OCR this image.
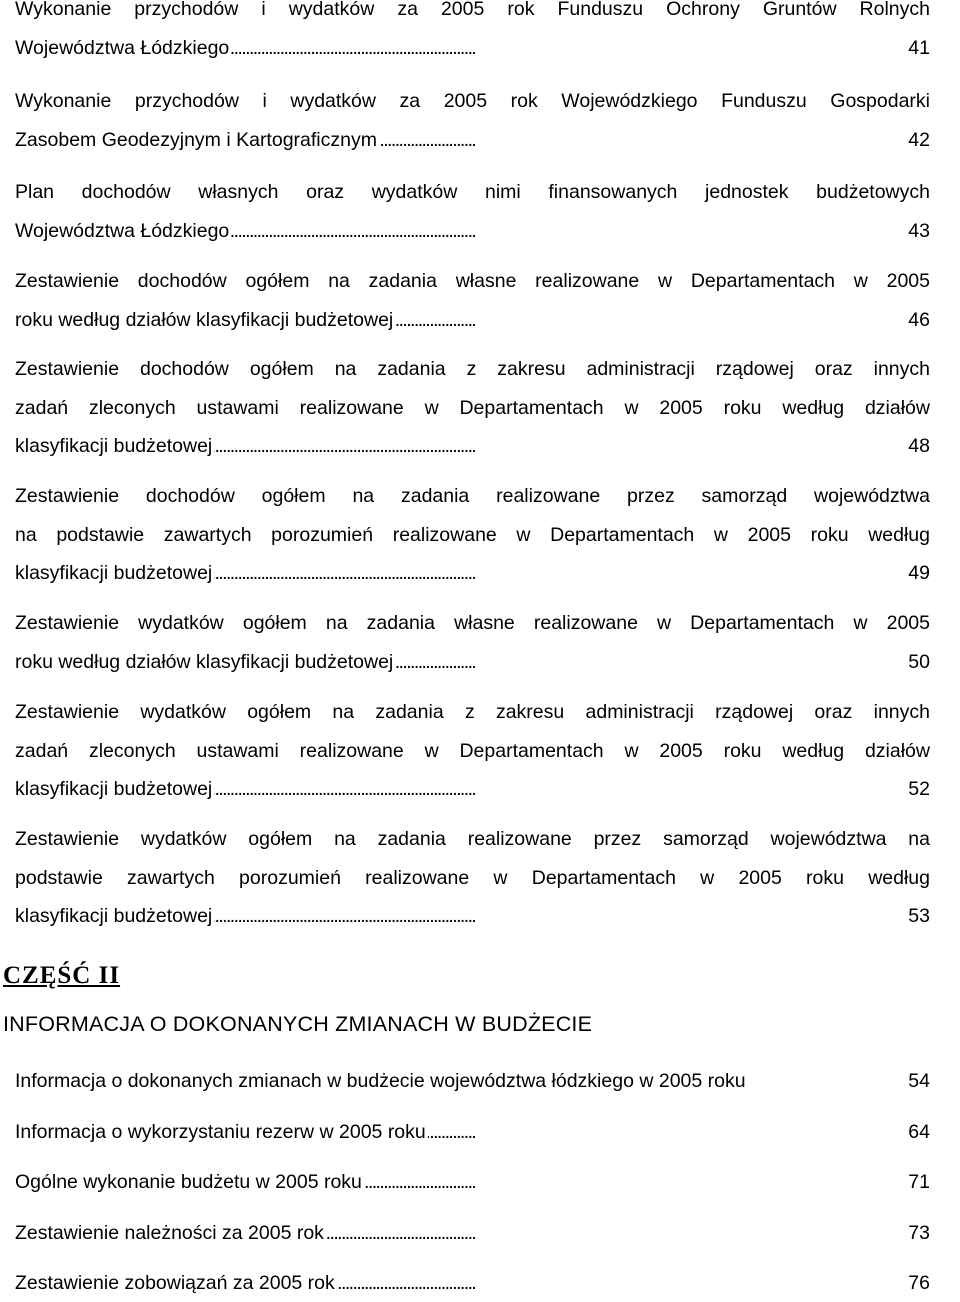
Wykonanie przychodów i wydatków za 2005 rok Funduszu Ochrony Gruntów Rolnych
Województwa Łódzkiego . . .	41
Wykonanie przychodów i wydatków za 2005 rok Wojewódzkiego Funduszu Gospodarki
Zasobem Geodezyjnym i Kartograficznym . . .	42
Plan dochodów własnych oraz wydatków nimi finansowanych jednostek budżetowych
Województwa Łódzkiego . . .	43
Zestawienie dochodów ogółem na zadania własne realizowane w Departamentach w 2005
roku według działów klasyfikacji budżetowej . . .	46
Zestawienie dochodów ogółem na zadania z zakresu administracji rządowej oraz innych
zadań zleconych ustawami realizowane w Departamentach w 2005 roku według działów
klasyfikacji budżetowej . . .	48
Zestawienie dochodów ogółem na zadania realizowane przez samorząd województwa
na podstawie zawartych porozumień realizowane w Departamentach w 2005 roku według
klasyfikacji budżetowej . . .	49
Zestawienie wydatków ogółem na zadania własne realizowane w Departamentach w 2005
roku według działów klasyfikacji budżetowej . . .	50
Zestawienie wydatków ogółem na zadania z zakresu administracji rządowej oraz innych
zadań zleconych ustawami realizowane w Departamentach w 2005 roku według działów
klasyfikacji budżetowej . . .	52
Zestawienie wydatków ogółem na zadania realizowane przez samorząd województwa na
podstawie zawartych porozumień realizowane w Departamentach w 2005 roku według
klasyfikacji budżetowej . . .	53
CZĘŚĆ II
INFORMACJA O DOKONANYCH ZMIANACH W BUDŻECIE
Informacja o dokonanych zmianach w budżecie województwa łódzkiego w 2005 roku . . .	54
Informacja o wykorzystaniu rezerw w 2005 roku . . .	64
Ogólne wykonanie budżetu w 2005 roku . . .	71
Zestawienie należności za 2005 rok . . .	73
Zestawienie zobowiązań za 2005 rok . . .	76
